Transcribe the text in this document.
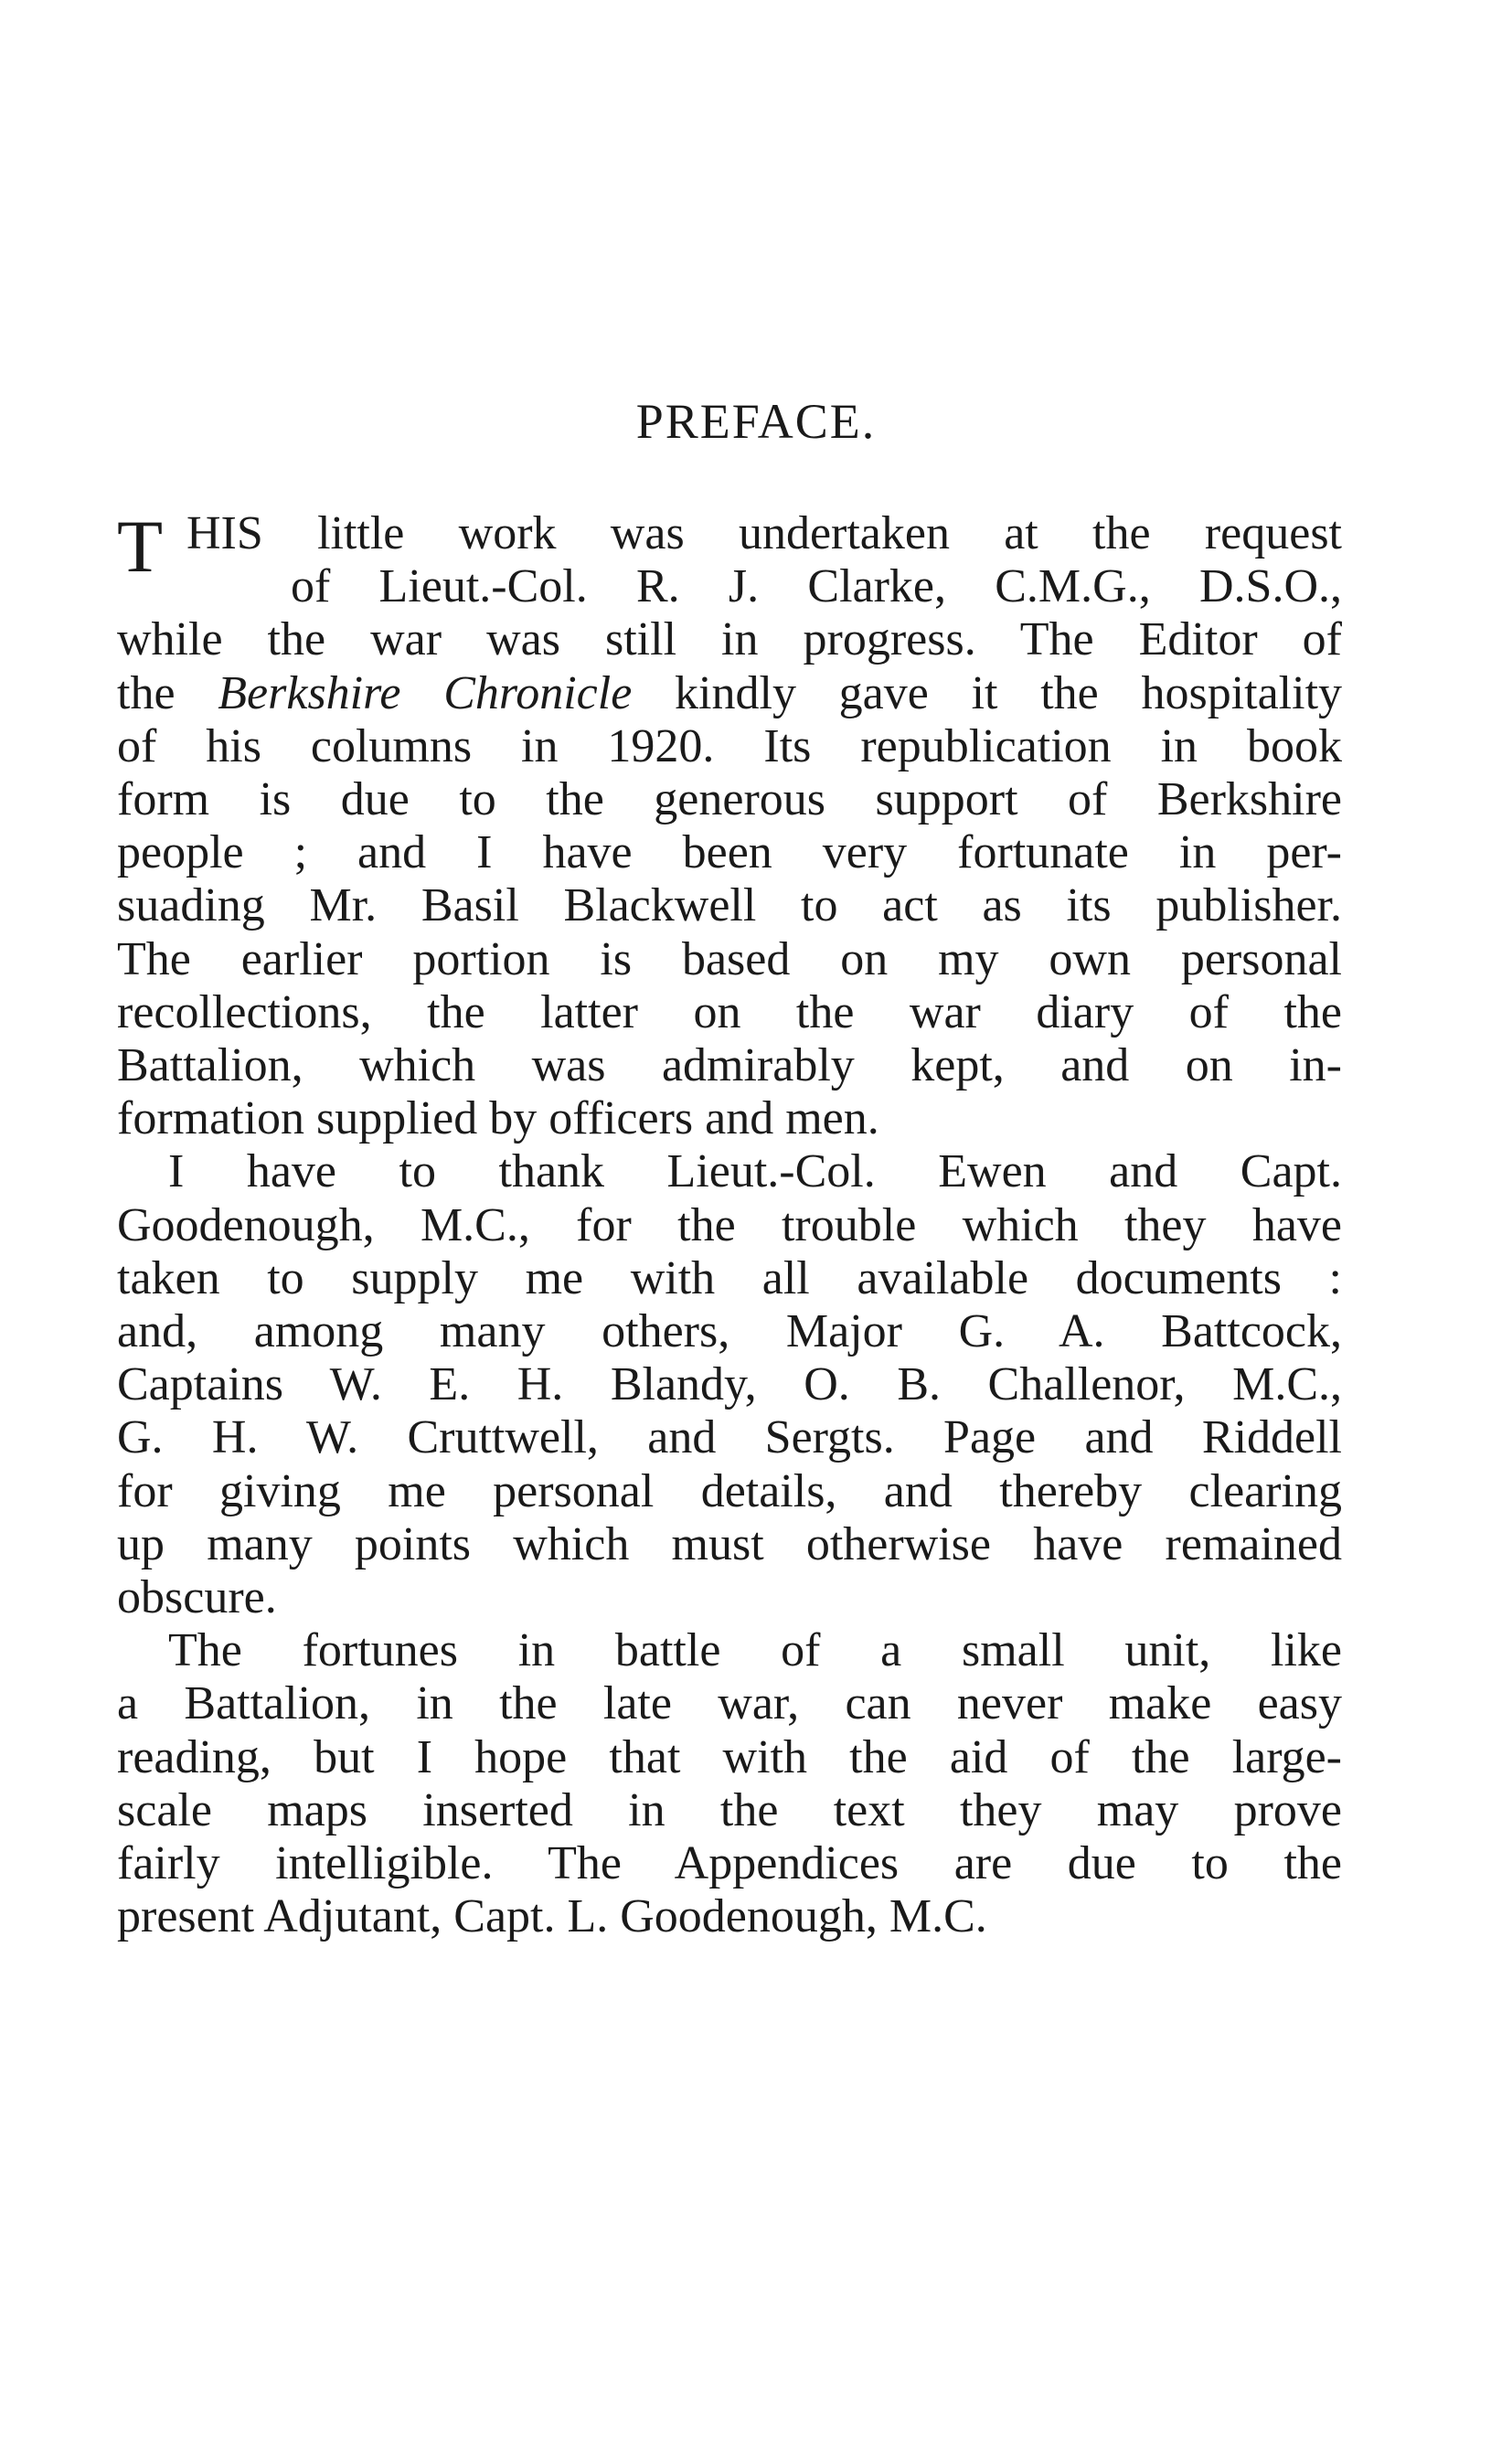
PREFACE.
T HIS little work was undertaken at the request
of Lieut.-Col. R. J. Clarke, C.M.G., D.S.O.,
while the war was still in progress. The Editor of
the Berkshire Chronicle kindly gave it the hospitality
of his columns in 1920. Its republication in book
form is due to the generous support of Berkshire
people ; and I have been very fortunate in per-
suading Mr. Basil Blackwell to act as its publisher.
The earlier portion is based on my own personal
recollections, the latter on the war diary of the
Battalion, which was admirably kept, and on in-
formation supplied by officers and men.
I have to thank Lieut.-Col. Ewen and Capt.
Goodenough, M.C., for the trouble which they have
taken to supply me with all available documents :
and, among many others, Major G. A. Battcock,
Captains W. E. H. Blandy, O. B. Challenor, M.C.,
G. H. W. Cruttwell, and Sergts. Page and Riddell
for giving me personal details, and thereby clearing
up many points which must otherwise have remained
obscure.
The fortunes in battle of a small unit, like
a Battalion, in the late war, can never make easy
reading, but I hope that with the aid of the large-
scale maps inserted in the text they may prove
fairly intelligible. The Appendices are due to the
present Adjutant, Capt. L. Goodenough, M.C.
